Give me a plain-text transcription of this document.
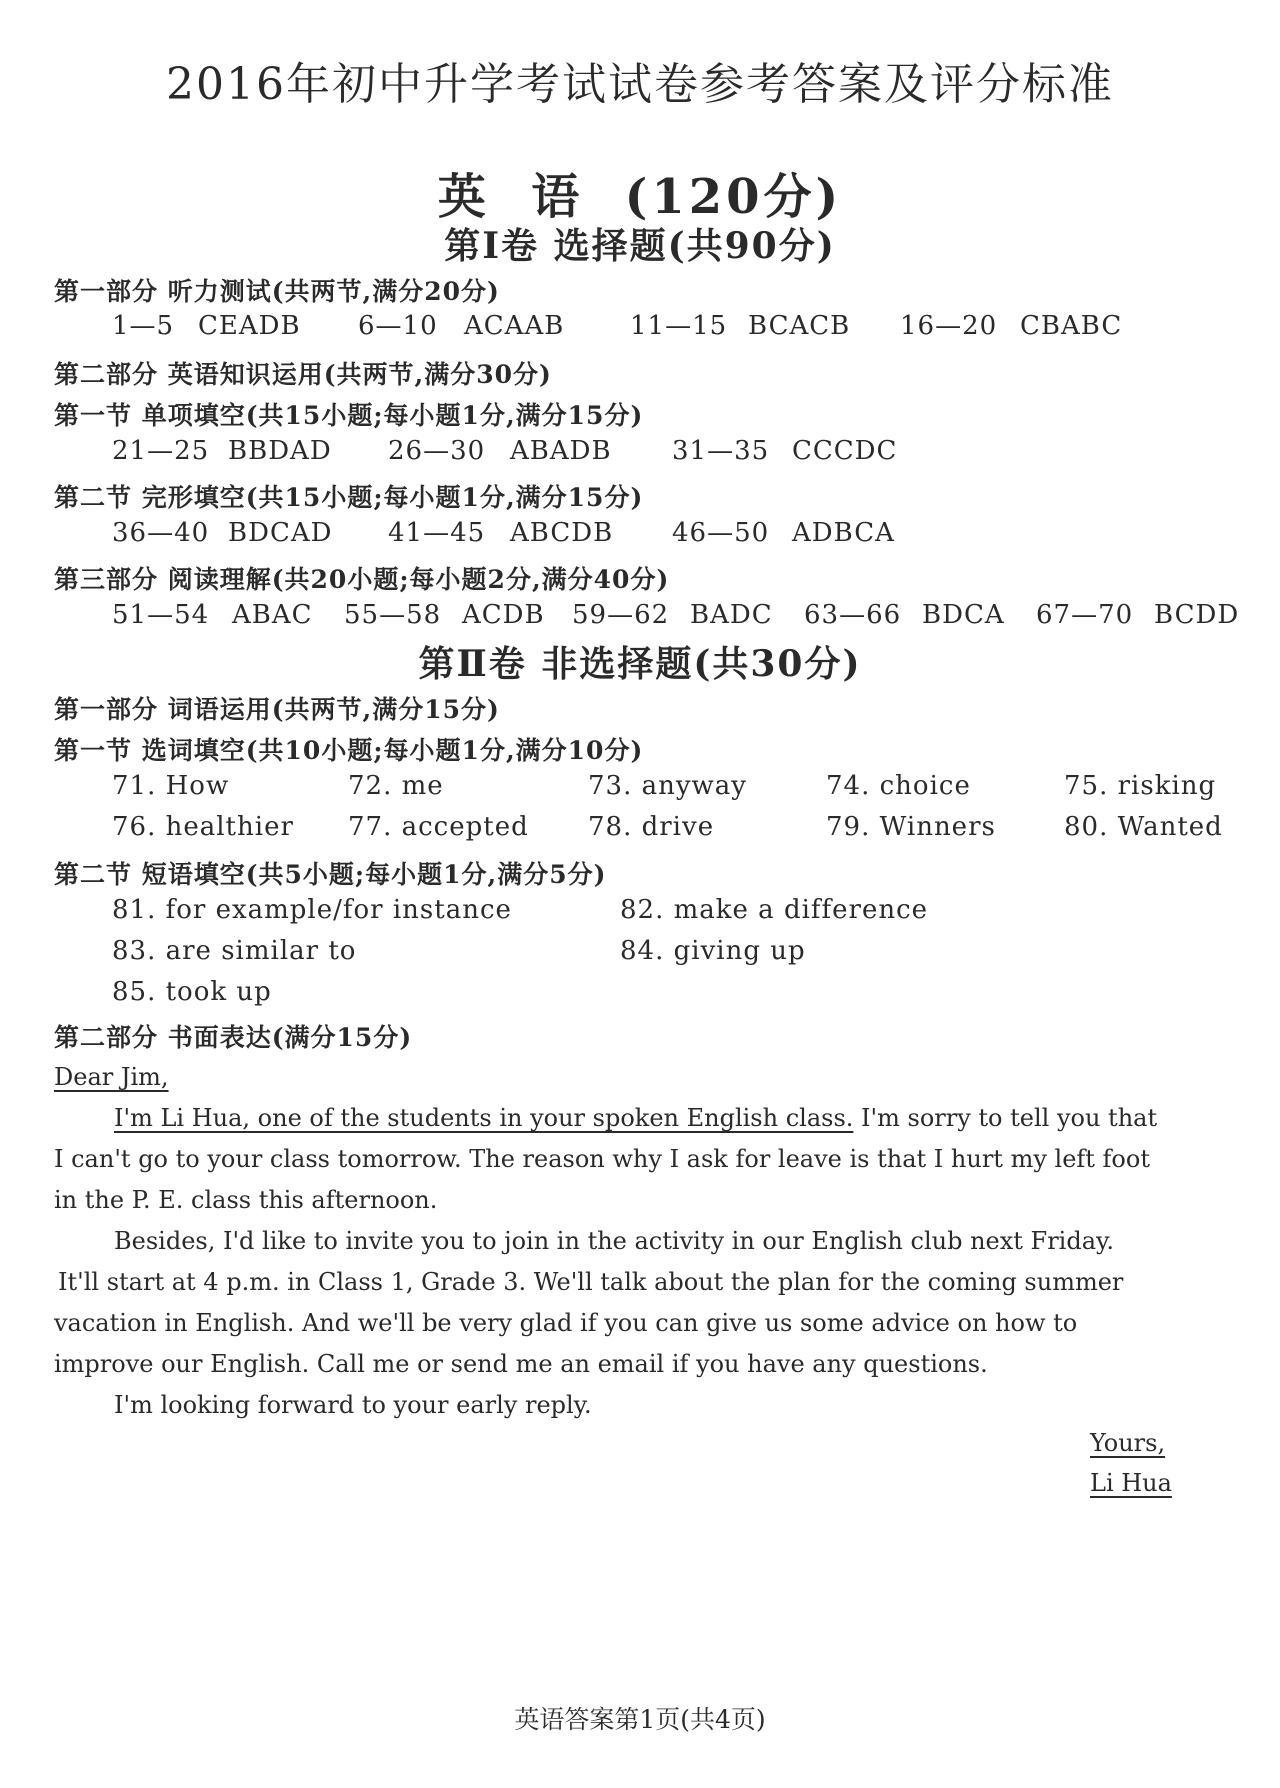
2016年初中升学考试试卷参考答案及评分标准
英  语  (120分)
第Ⅰ卷 选择题(共90分)
第一部分 听力测试(共两节,满分20分)
1—5 CEADB 6—10 ACAAB	11—15 BCACB 16—20 CBABC
第二部分 英语知识运用(共两节,满分30分)
第一节 单项填空(共15小题;每小题1分,满分15分)
21—25 BBDAD 26—30 ABADB 31—35 CCCDC
第二节 完形填空(共15小题;每小题1分,满分15分)
36—40 BDCAD 41—45 ABCDB 46—50 ADBCA
第三部分 阅读理解(共20小题;每小题2分,满分40分)
51—54 ABAC 55—58 ACDB 59—62 BADC 63—66 BDCA 67—70 BCDD
第Ⅱ卷 非选择题(共30分)
第一部分 词语运用(共两节,满分15分)
第一节 选词填空(共10小题;每小题1分,满分10分)
71. How	72. me	73. anyway	74. choice	75. risking
76. healthier 77. accepted 78. drive	79. Winners	80. Wanted
第二节 短语填空(共5小题;每小题1分,满分5分)
81. for example/for instance	82. make a difference
83. are similar to	84. giving up
85. took up
第二部分 书面表达(满分15分)
Dear Jim,
I'm Li Hua, one of the students in your spoken English class. I'm sorry to tell you that
I can't go to your class tomorrow. The reason why I ask for leave is that I hurt my left foot
in the P. E. class this afternoon.
Besides, I'd like to invite you to join in the activity in our English club next Friday.
It'll start at 4 p.m. in Class 1, Grade 3. We'll talk about the plan for the coming summer
vacation in English. And we'll be very glad if you can give us some advice on how to
improve our English. Call me or send me an email if you have any questions.
I'm looking forward to your early reply.
Yours,
Li Hua
英语答案第1页(共4页)
